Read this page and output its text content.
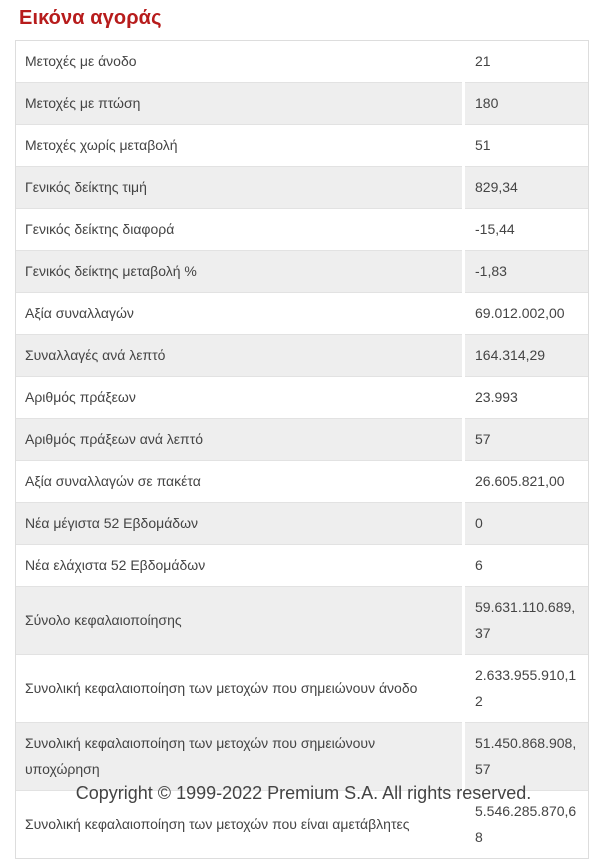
Εικόνα αγοράς
Μετοχές με άνοδο	21
Μετοχές με πτώση	180
Μετοχές χωρίς μεταβολή	51
Γενικός δείκτης τιμή	829,34
Γενικός δείκτης διαφορά	-15,44
Γενικός δείκτης μεταβολή %	-1,83
Αξία συναλλαγών	69.012.002,00
Συναλλαγές ανά λεπτό	164.314,29
Αριθμός πράξεων	23.993
Αριθμός πράξεων ανά λεπτό	57
Αξία συναλλαγών σε πακέτα	26.605.821,00
Νέα μέγιστα 52 Εβδομάδων	0
Νέα ελάχιστα 52 Εβδομάδων	6
Σύνολο κεφαλαιοποίησης	59.631.110.689,37
Συνολική κεφαλαιοποίηση των μετοχών που σημειώνουν άνοδο	2.633.955.910,12
Συνολική κεφαλαιοποίηση των μετοχών που σημειώνουν υποχώρηση	51.450.868.908,57
Συνολική κεφαλαιοποίηση των μετοχών που είναι αμετάβλητες	5.546.285.870,68
Copyright © 1999-2022 Premium S.A. All rights reserved.
